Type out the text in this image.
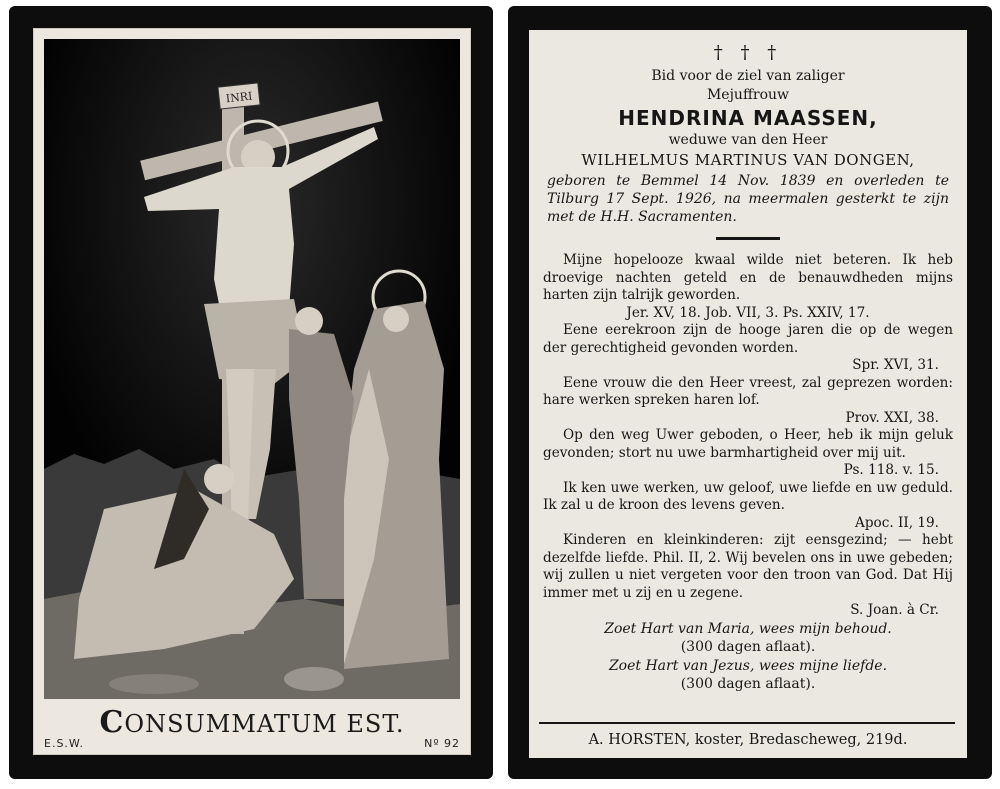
INRI
CONSUMMATUM EST.
E.S.W.	Nº 92
† † †
Bid voor de ziel van zaliger
Mejuffrouw
HENDRINA MAASSEN,
weduwe van den Heer
WILHELMUS MARTINUS VAN DONGEN,
geboren te Bemmel 14 Nov. 1839 en overleden te Tilburg 17 Sept. 1926, na meermalen gesterkt te zijn met de H.H. Sacramenten.

Mijne hopelooze kwaal wilde niet beteren. Ik heb droevige nachten geteld en de benauwdheden mijns harten zijn talrijk geworden.

Jer. XV, 18. Job. VII, 3. Ps. XXIV, 17.

Eene eerekroon zijn de hooge jaren die op de wegen der gerechtigheid gevonden worden.

Spr. XVI, 31.

Eene vrouw die den Heer vreest, zal geprezen worden: hare werken spreken haren lof.

Prov. XXI, 38.

Op den weg Uwer geboden, o Heer, heb ik mijn geluk gevonden; stort nu uwe barmhartigheid over mij uit.

Ps. 118. v. 15.

Ik ken uwe werken, uw geloof, uwe liefde en uw geduld. Ik zal u de kroon des levens geven.

Apoc. II, 19.

Kinderen en kleinkinderen: zijt eensgezind; — hebt dezelfde liefde. Phil. II, 2. Wij bevelen ons in uwe gebeden; wij zullen u niet vergeten voor den troon van God. Dat Hij immer met u zij en u zegene.

S. Joan. à Cr.

Zoet Hart van Maria, wees mijn behoud.
(300 dagen aflaat).
Zoet Hart van Jezus, wees mijne liefde.
(300 dagen aflaat).
A. HORSTEN, koster, Bredascheweg, 219d.
